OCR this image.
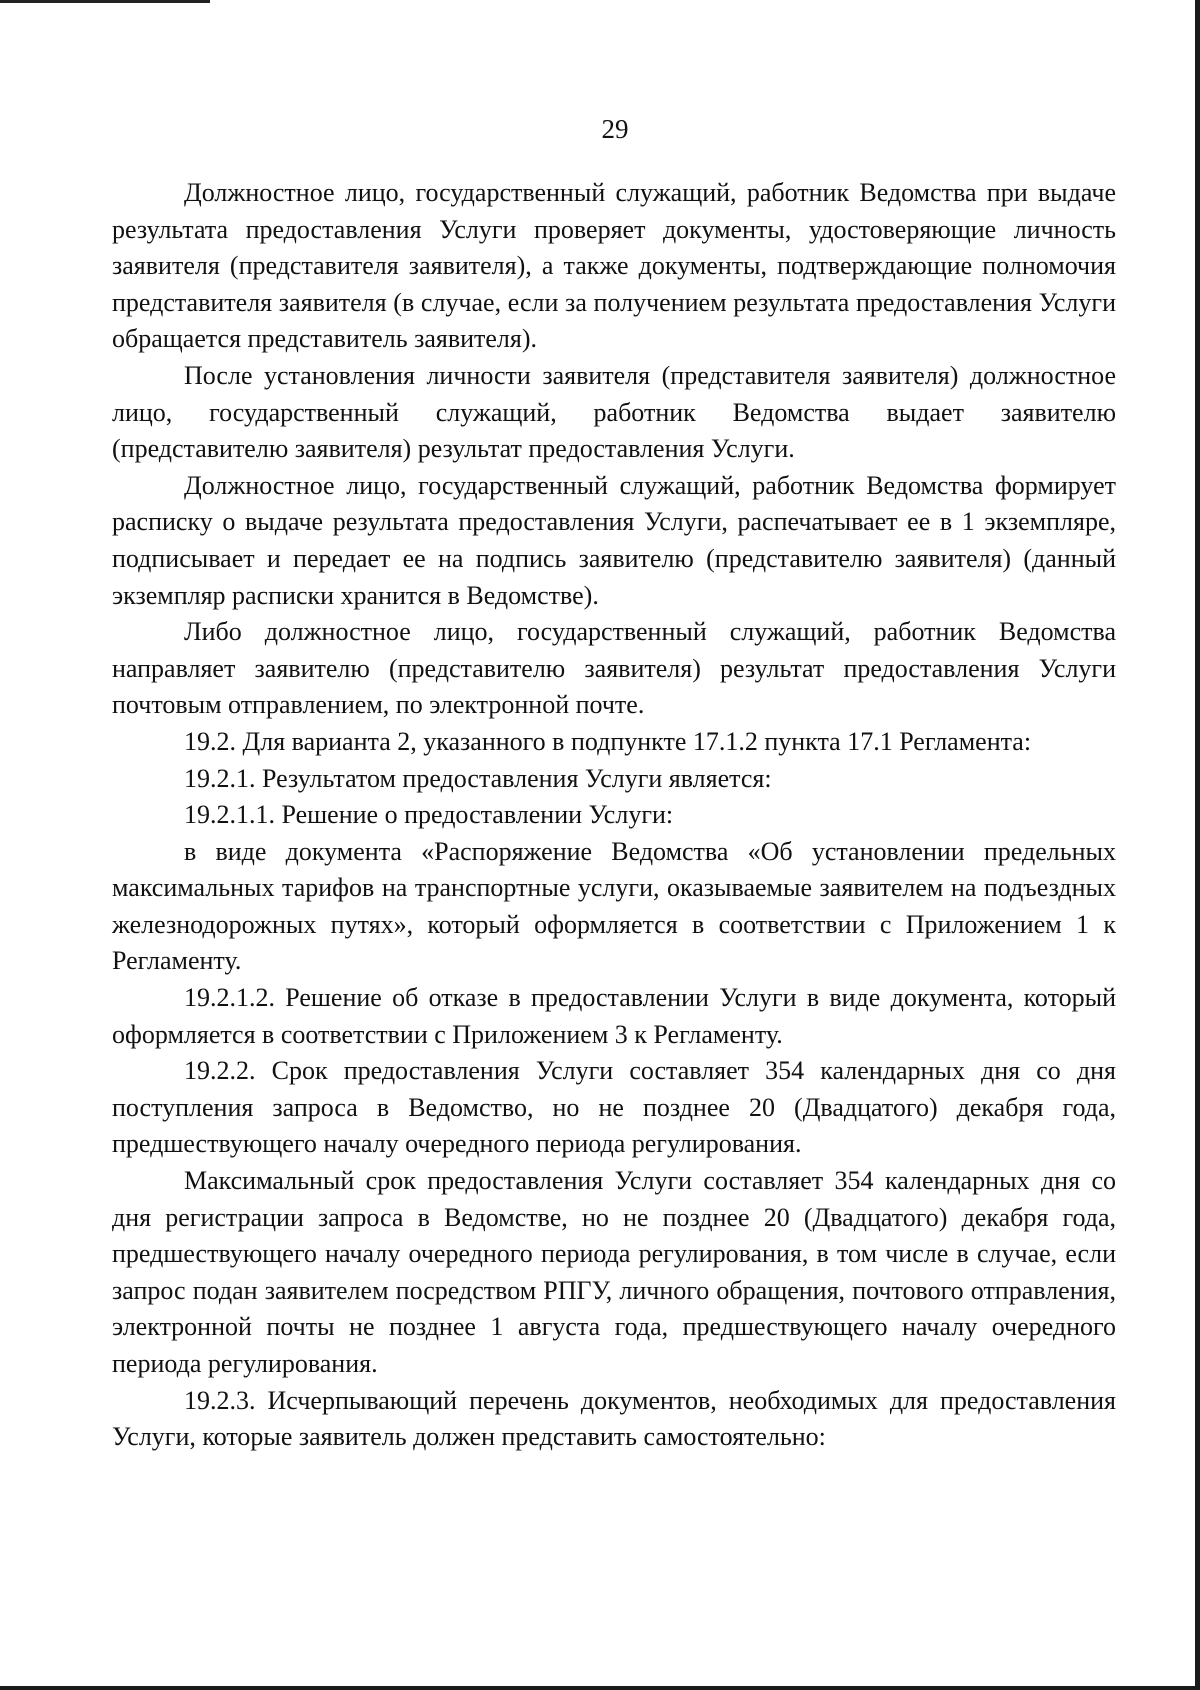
29

Должностное лицо, государственный служащий, работник Ведомства при выдаче результата предоставления Услуги проверяет документы, удостоверяющие личность заявителя (представителя заявителя), а также документы, подтверждающие полномочия представителя заявителя (в случае, если за получением результата предоставления Услуги обращается представитель заявителя).

После установления личности заявителя (представителя заявителя) должностное лицо, государственный служащий, работник Ведомства выдает заявителю (представителю заявителя) результат предоставления Услуги.

Должностное лицо, государственный служащий, работник Ведомства формирует расписку о выдаче результата предоставления Услуги, распечатывает ее в 1 экземпляре, подписывает и передает ее на подпись заявителю (представителю заявителя) (данный экземпляр расписки хранится в Ведомстве).

Либо должностное лицо, государственный служащий, работник Ведомства направляет заявителю (представителю заявителя) результат предоставления Услуги почтовым отправлением, по электронной почте.

19.2. Для варианта 2, указанного в подпункте 17.1.2 пункта 17.1 Регламента:

19.2.1. Результатом предоставления Услуги является:

19.2.1.1. Решение о предоставлении Услуги:

в виде документа «Распоряжение Ведомства «Об установлении предельных максимальных тарифов на транспортные услуги, оказываемые заявителем на подъездных железнодорожных путях», который оформляется в соответствии с Приложением 1 к Регламенту.

19.2.1.2. Решение об отказе в предоставлении Услуги в виде документа, который оформляется в соответствии с Приложением 3 к Регламенту.

19.2.2. Срок предоставления Услуги составляет 354 календарных дня со дня поступления запроса в Ведомство, но не позднее 20 (Двадцатого) декабря года, предшествующего началу очередного периода регулирования.

Максимальный срок предоставления Услуги составляет 354 календарных дня со дня регистрации запроса в Ведомстве, но не позднее 20 (Двадцатого) декабря года, предшествующего началу очередного периода регулирования, в том числе в случае, если запрос подан заявителем посредством РПГУ, личного обращения, почтового отправления, электронной почты не позднее 1 августа года, предшествующего началу очередного периода регулирования.

19.2.3. Исчерпывающий перечень документов, необходимых для предоставления Услуги, которые заявитель должен представить самостоятельно:
